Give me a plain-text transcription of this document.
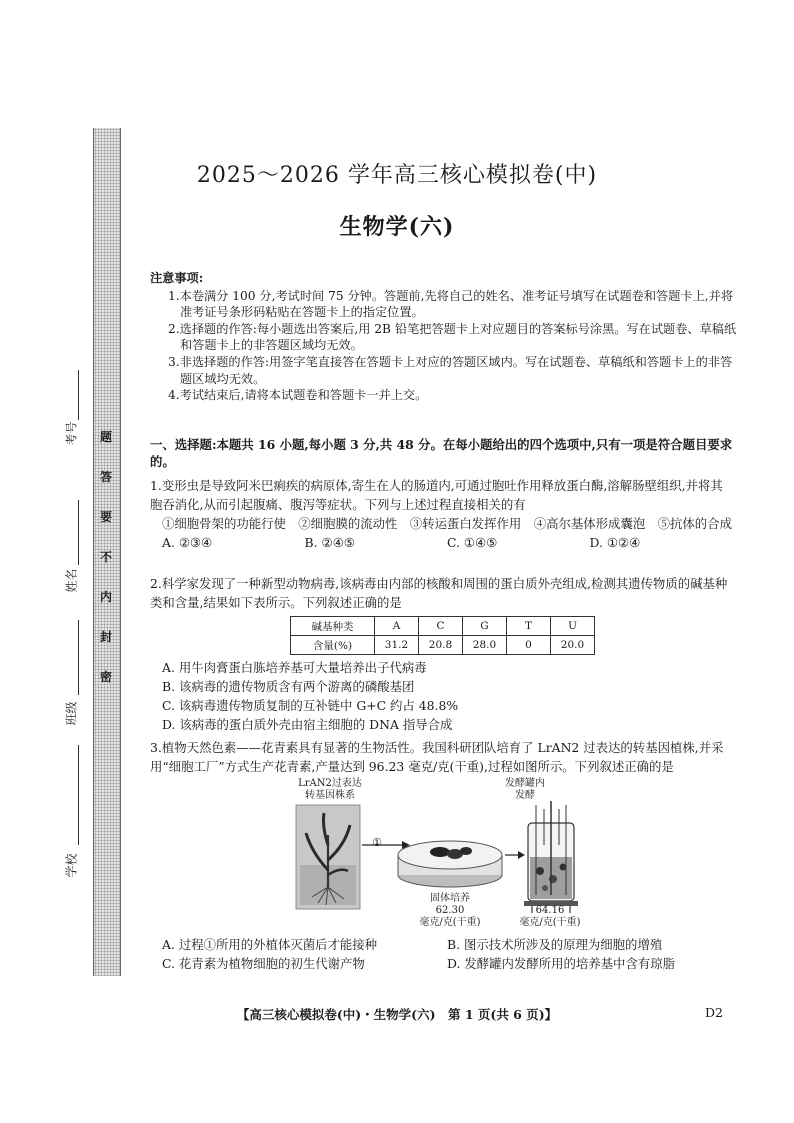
题
答
要
不
内
封
密
考号
姓名
班级
学校
2025～2026 学年高三核心模拟卷(中)
生物学(六)
注意事项:
1.本卷满分 100 分,考试时间 75 分钟。答题前,先将自己的姓名、准考证号填写在试题卷和答题卡上,并将准考证号条形码粘贴在答题卡上的指定位置。
2.选择题的作答:每小题选出答案后,用 2B 铅笔把答题卡上对应题目的答案标号涂黑。写在试题卷、草稿纸和答题卡上的非答题区域均无效。
3.非选择题的作答:用签字笔直接答在答题卡上对应的答题区域内。写在试题卷、草稿纸和答题卡上的非答题区域均无效。
4.考试结束后,请将本试题卷和答题卡一并上交。
一、选择题:本题共 16 小题,每小题 3 分,共 48 分。在每小题给出的四个选项中,只有一项是符合题目要求的。

1.变形虫是导致阿米巴痢疾的病原体,寄生在人的肠道内,可通过胞吐作用释放蛋白酶,溶解肠壁组织,并将其胞吞消化,从而引起腹痛、腹泻等症状。下列与上述过程直接相关的有

①细胞骨架的功能行使　②细胞膜的流动性　③转运蛋白发挥作用　④高尔基体形成囊泡　⑤抗体的合成

A. ②③④	B. ②④⑤	C. ①④⑤	D. ①②④

2.科学家发现了一种新型动物病毒,该病毒由内部的核酸和周围的蛋白质外壳组成,检测其遗传物质的碱基种类和含量,结果如下表所示。下列叙述正确的是

碱基种类	A	C	G	T	U
含量(%)	31.2	20.8	28.0	0	20.0

A. 用牛肉膏蛋白胨培养基可大量培养出子代病毒

B. 该病毒的遗传物质含有两个游离的磷酸基团

C. 该病毒遗传物质复制的互补链中 G+C 约占 48.8%

D. 该病毒的蛋白质外壳由宿主细胞的 DNA 指导合成

3.植物天然色素——花青素具有显著的生物活性。我国科研团队培育了 LrAN2 过表达的转基因植株,并采用“细胞工厂”方式生产花青素,产量达到 96.23 毫克/克(干重),过程如图所示。下列叙述正确的是

LrAN2过表达
转基因株系
发酵罐内
发酵
①
固体培养
62.30
毫克/克(干重)
64.16
毫克/克(干重)
A. 过程①所用的外植体灭菌后才能接种	B. 图示技术所涉及的原理为细胞的增殖
C. 花青素为植物细胞的初生代谢产物	D. 发酵罐内发酵所用的培养基中含有琼脂
【高三核心模拟卷(中)・生物学(六)　第 1 页(共 6 页)】	D2
